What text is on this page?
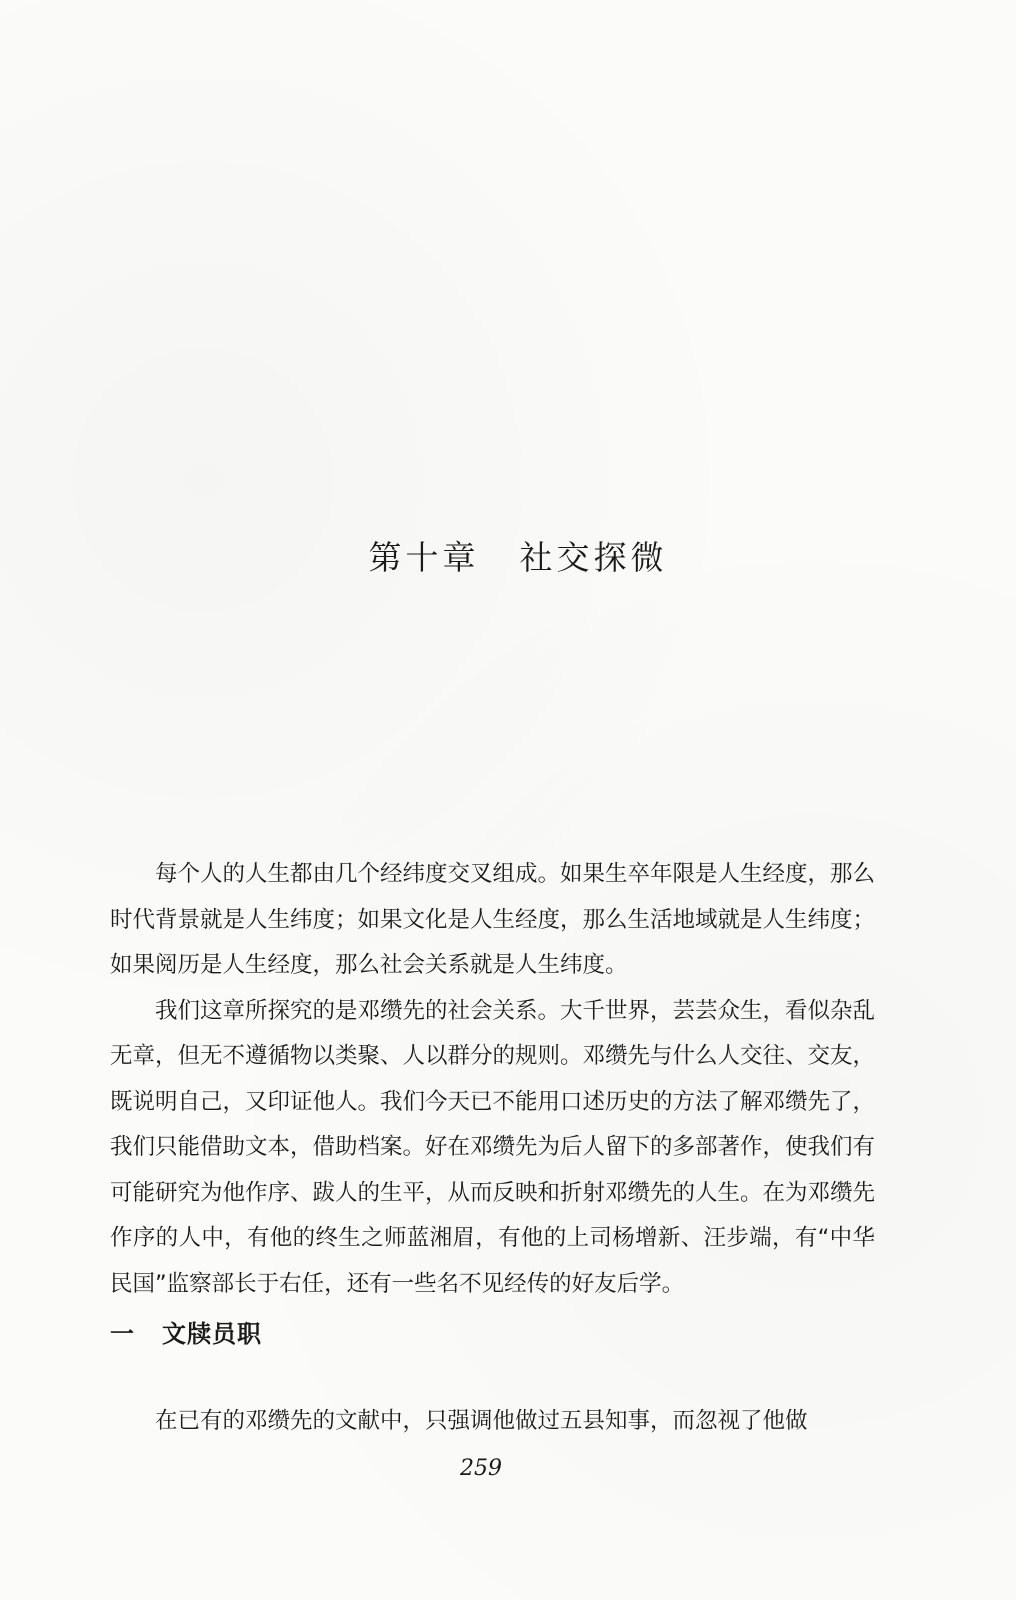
第十章 社交探微

每个人的人生都由几个经纬度交叉组成。如果生卒年限是人生经度，那么时代背景就是人生纬度；如果文化是人生经度，那么生活地域就是人生纬度；如果阅历是人生经度，那么社会关系就是人生纬度。

我们这章所探究的是邓缵先的社会关系。大千世界，芸芸众生，看似杂乱无章，但无不遵循物以类聚、人以群分的规则。邓缵先与什么人交往、交友，既说明自己，又印证他人。我们今天已不能用口述历史的方法了解邓缵先了，我们只能借助文本，借助档案。好在邓缵先为后人留下的多部著作，使我们有可能研究为他作序、跋人的生平，从而反映和折射邓缵先的人生。在为邓缵先作序的人中，有他的终生之师蓝湘眉，有他的上司杨增新、汪步端，有“中华民国”监察部长于右任，还有一些名不见经传的好友后学。

一 文牍员职

在已有的邓缵先的文献中，只强调他做过五县知事，而忽视了他做

259
